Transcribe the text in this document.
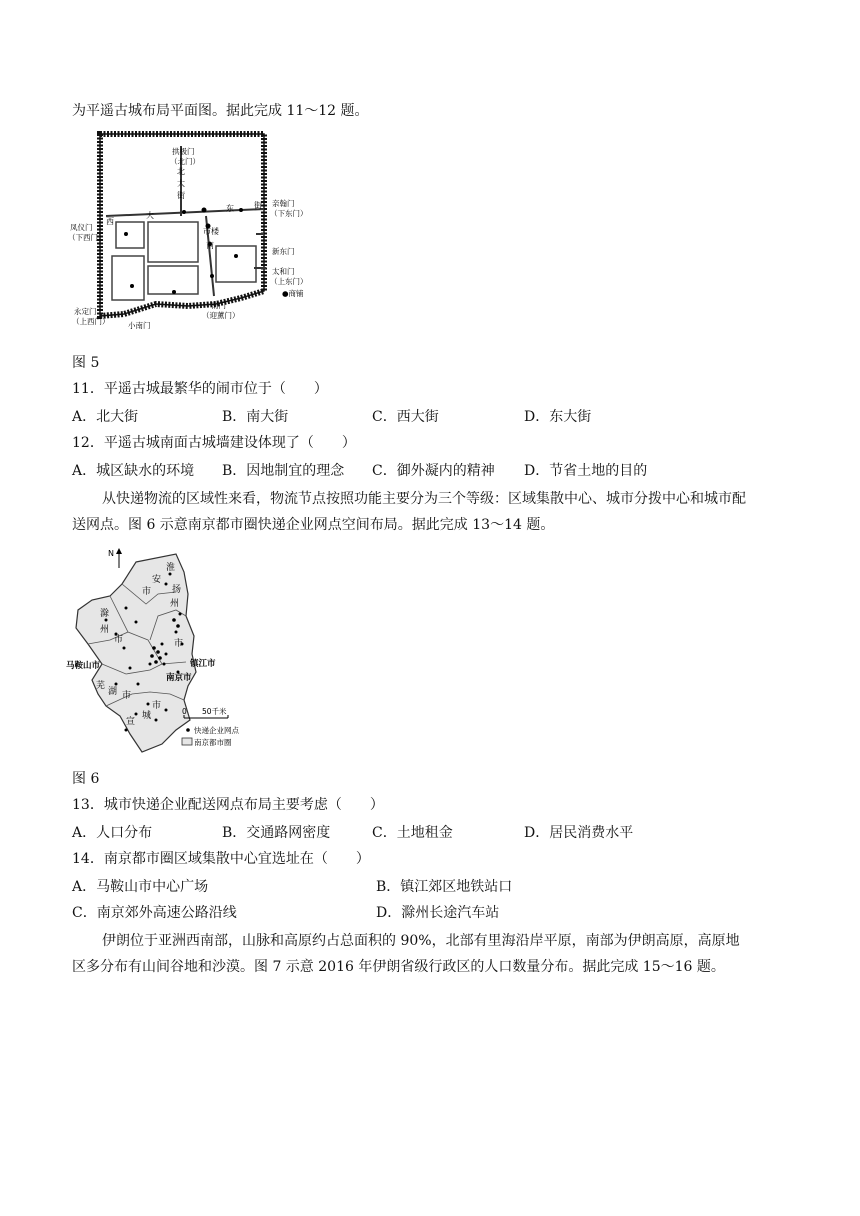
为平遥古城布局平面图。据此完成 11～12 题。
北
大
街
西
大
东	街
市楼
南
拱极门
（北门）
亲翰门
（下东门）
凤仪门
（下西门）
新东门
太和门
（上东门）
●商铺
永定门
（上西门） 小南门
南门
（迎薰门）
图 5
11．平遥古城最繁华的闹市位于（　　）
A．北大街	B．南大街	C．西大街	D．东大街
12．平遥古城南面古城墙建设体现了（　　）
A．城区缺水的环境 B．因地制宜的理念 C．御外凝内的精神 D．节省土地的目的
从快递物流的区域性来看，物流节点按照功能主要分为三个等级：区域集散中心、城市分拨中心和城市配
送网点。图 6 示意南京都市圈快递企业网点空间布局。据此完成 13～14 题。
N
淮
安
扬
市
州
滁
州
市	市
马鞍山市	镇江市
南京市
芜
湖 市
市
城
宣
0 50千米
快递企业网点
南京都市圈
图 6
13．城市快递企业配送网点布局主要考虑（　　）
A．人口分布	B．交通路网密度	C．土地租金	D．居民消费水平
14．南京都市圈区域集散中心宜选址在（　　）
A．马鞍山市中心广场	B．镇江郊区地铁站口
C．南京郊外高速公路沿线	D．滁州长途汽车站
伊朗位于亚洲西南部，山脉和高原约占总面积的 90%，北部有里海沿岸平原，南部为伊朗高原，高原地
区多分布有山间谷地和沙漠。图 7 示意 2016 年伊朗省级行政区的人口数量分布。据此完成 15～16 题。
